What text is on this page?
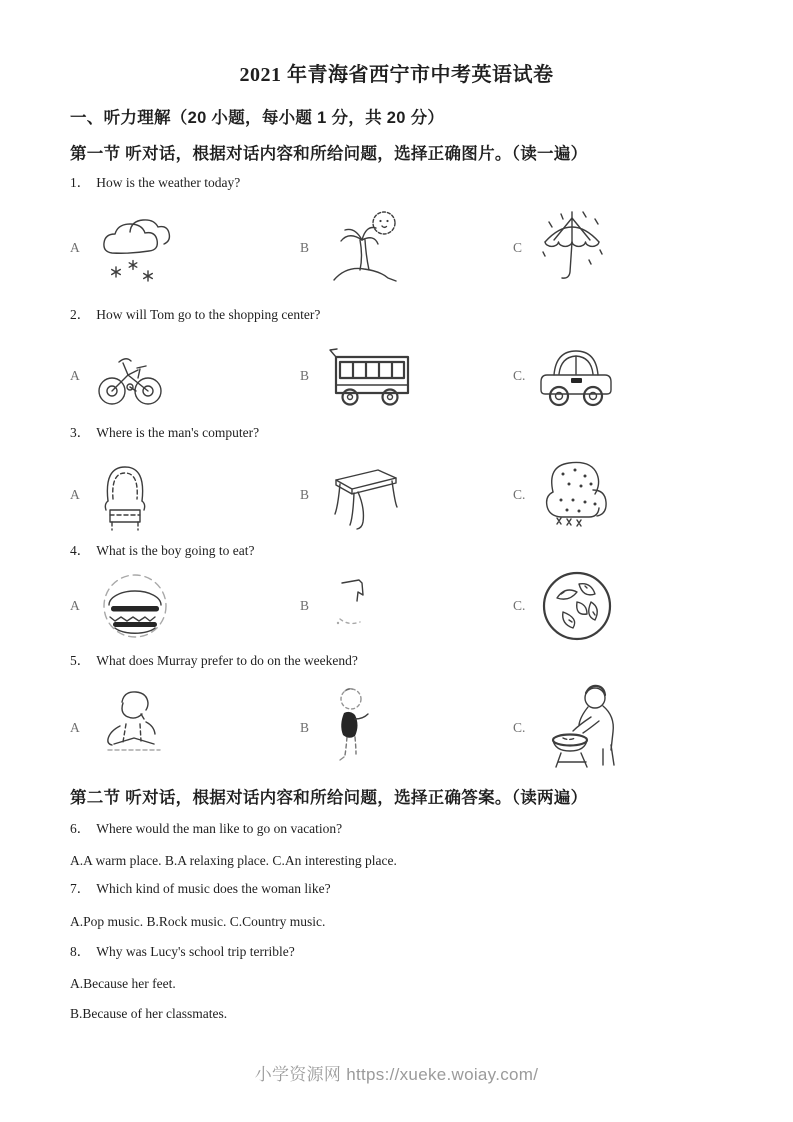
2021 年青海省西宁市中考英语试卷
一、听力理解（20 小题，每小题 1 分，共 20 分）
第一节 听对话，根据对话内容和所给问题，选择正确图片。（读一遍）

1． How is the weather today?

A	B	C

2． How will Tom go to the shopping center?

A	B	C.

3． Where is the man's computer?

A	B	C.

4． What is the boy going to eat?

A	B	C.

5． What does Murray prefer to do on the weekend?

A	B	C.
第二节 听对话，根据对话内容和所给问题，选择正确答案。（读两遍）

6． Where would the man like to go on vacation?

A.A warm place. B.A relaxing place. C.An interesting place.

7． Which kind of music does the woman like?

A.Pop music. B.Rock music. C.Country music.

8． Why was Lucy's school trip terrible?

A.Because her feet.

B.Because of her classmates.

小学资源网 https://xueke.woiay.com/
